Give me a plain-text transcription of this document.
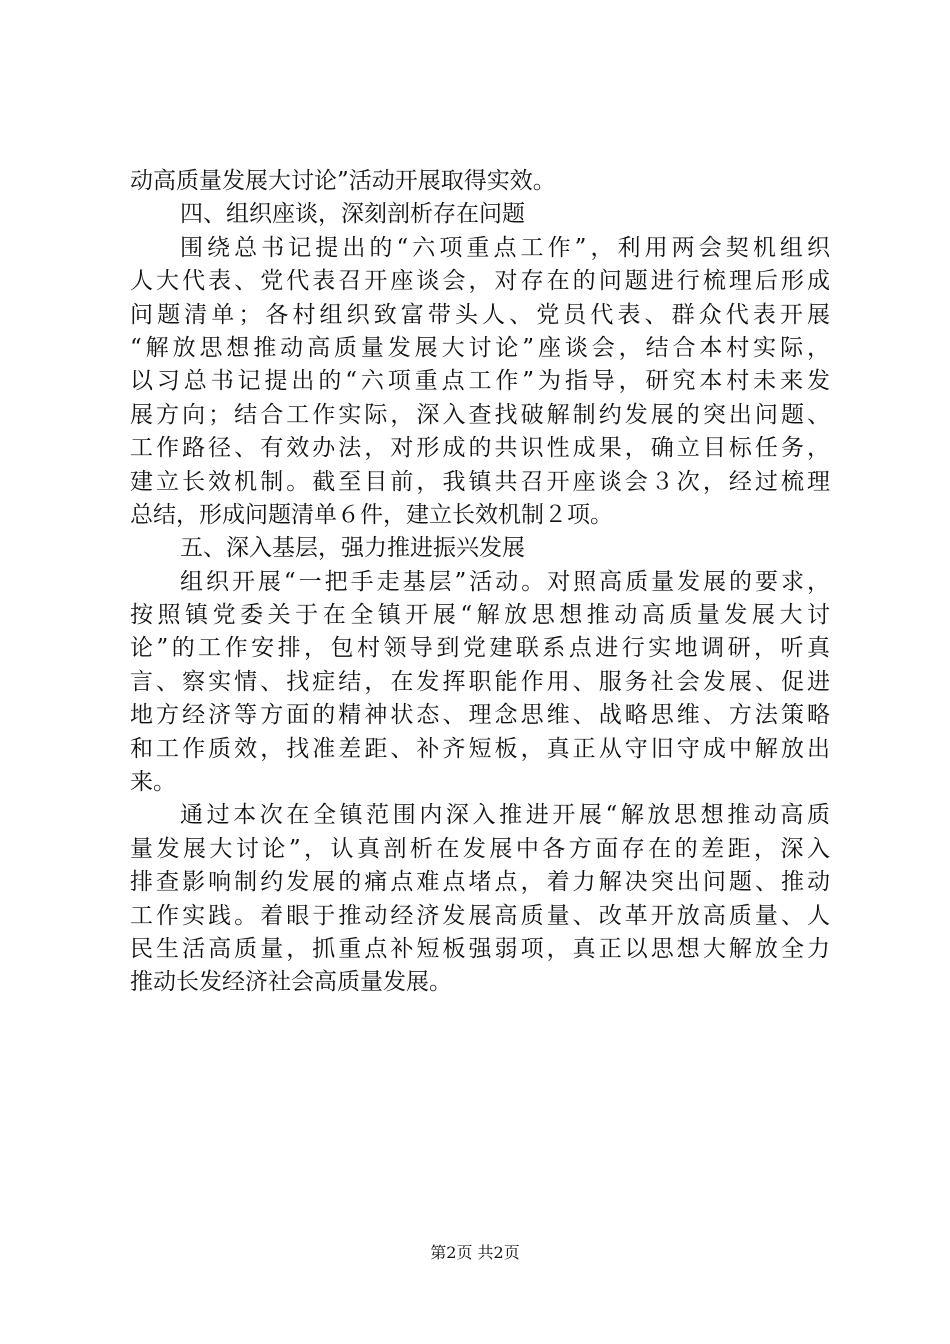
动高质量发展大讨论”活动开展取得实效。
四、组织座谈，深刻剖析存在问题
围绕总书记提出的“六项重点工作”，利用两会契机组织
人大代表、党代表召开座谈会，对存在的问题进行梳理后形成
问题清单；各村组织致富带头人、党员代表、群众代表开展
“解放思想推动高质量发展大讨论”座谈会，结合本村实际，
以习总书记提出的“六项重点工作”为指导，研究本村未来发
展方向；结合工作实际，深入查找破解制约发展的突出问题、
工作路径、有效办法，对形成的共识性成果，确立目标任务，
建立长效机制。截至目前，我镇共召开座谈会３次，经过梳理
总结，形成问题清单６件，建立长效机制２项。
五、深入基层，强力推进振兴发展
组织开展“一把手走基层”活动。对照高质量发展的要求，
按照镇党委关于在全镇开展“解放思想推动高质量发展大讨
论”的工作安排，包村领导到党建联系点进行实地调研，听真
言、察实情、找症结，在发挥职能作用、服务社会发展、促进
地方经济等方面的精神状态、理念思维、战略思维、方法策略
和工作质效，找准差距、补齐短板，真正从守旧守成中解放出
来。
通过本次在全镇范围内深入推进开展“解放思想推动高质
量发展大讨论”，认真剖析在发展中各方面存在的差距，深入
排查影响制约发展的痛点难点堵点，着力解决突出问题、推动
工作实践。着眼于推动经济发展高质量、改革开放高质量、人
民生活高质量，抓重点补短板强弱项，真正以思想大解放全力
推动长发经济社会高质量发展。
第2页 共2页
